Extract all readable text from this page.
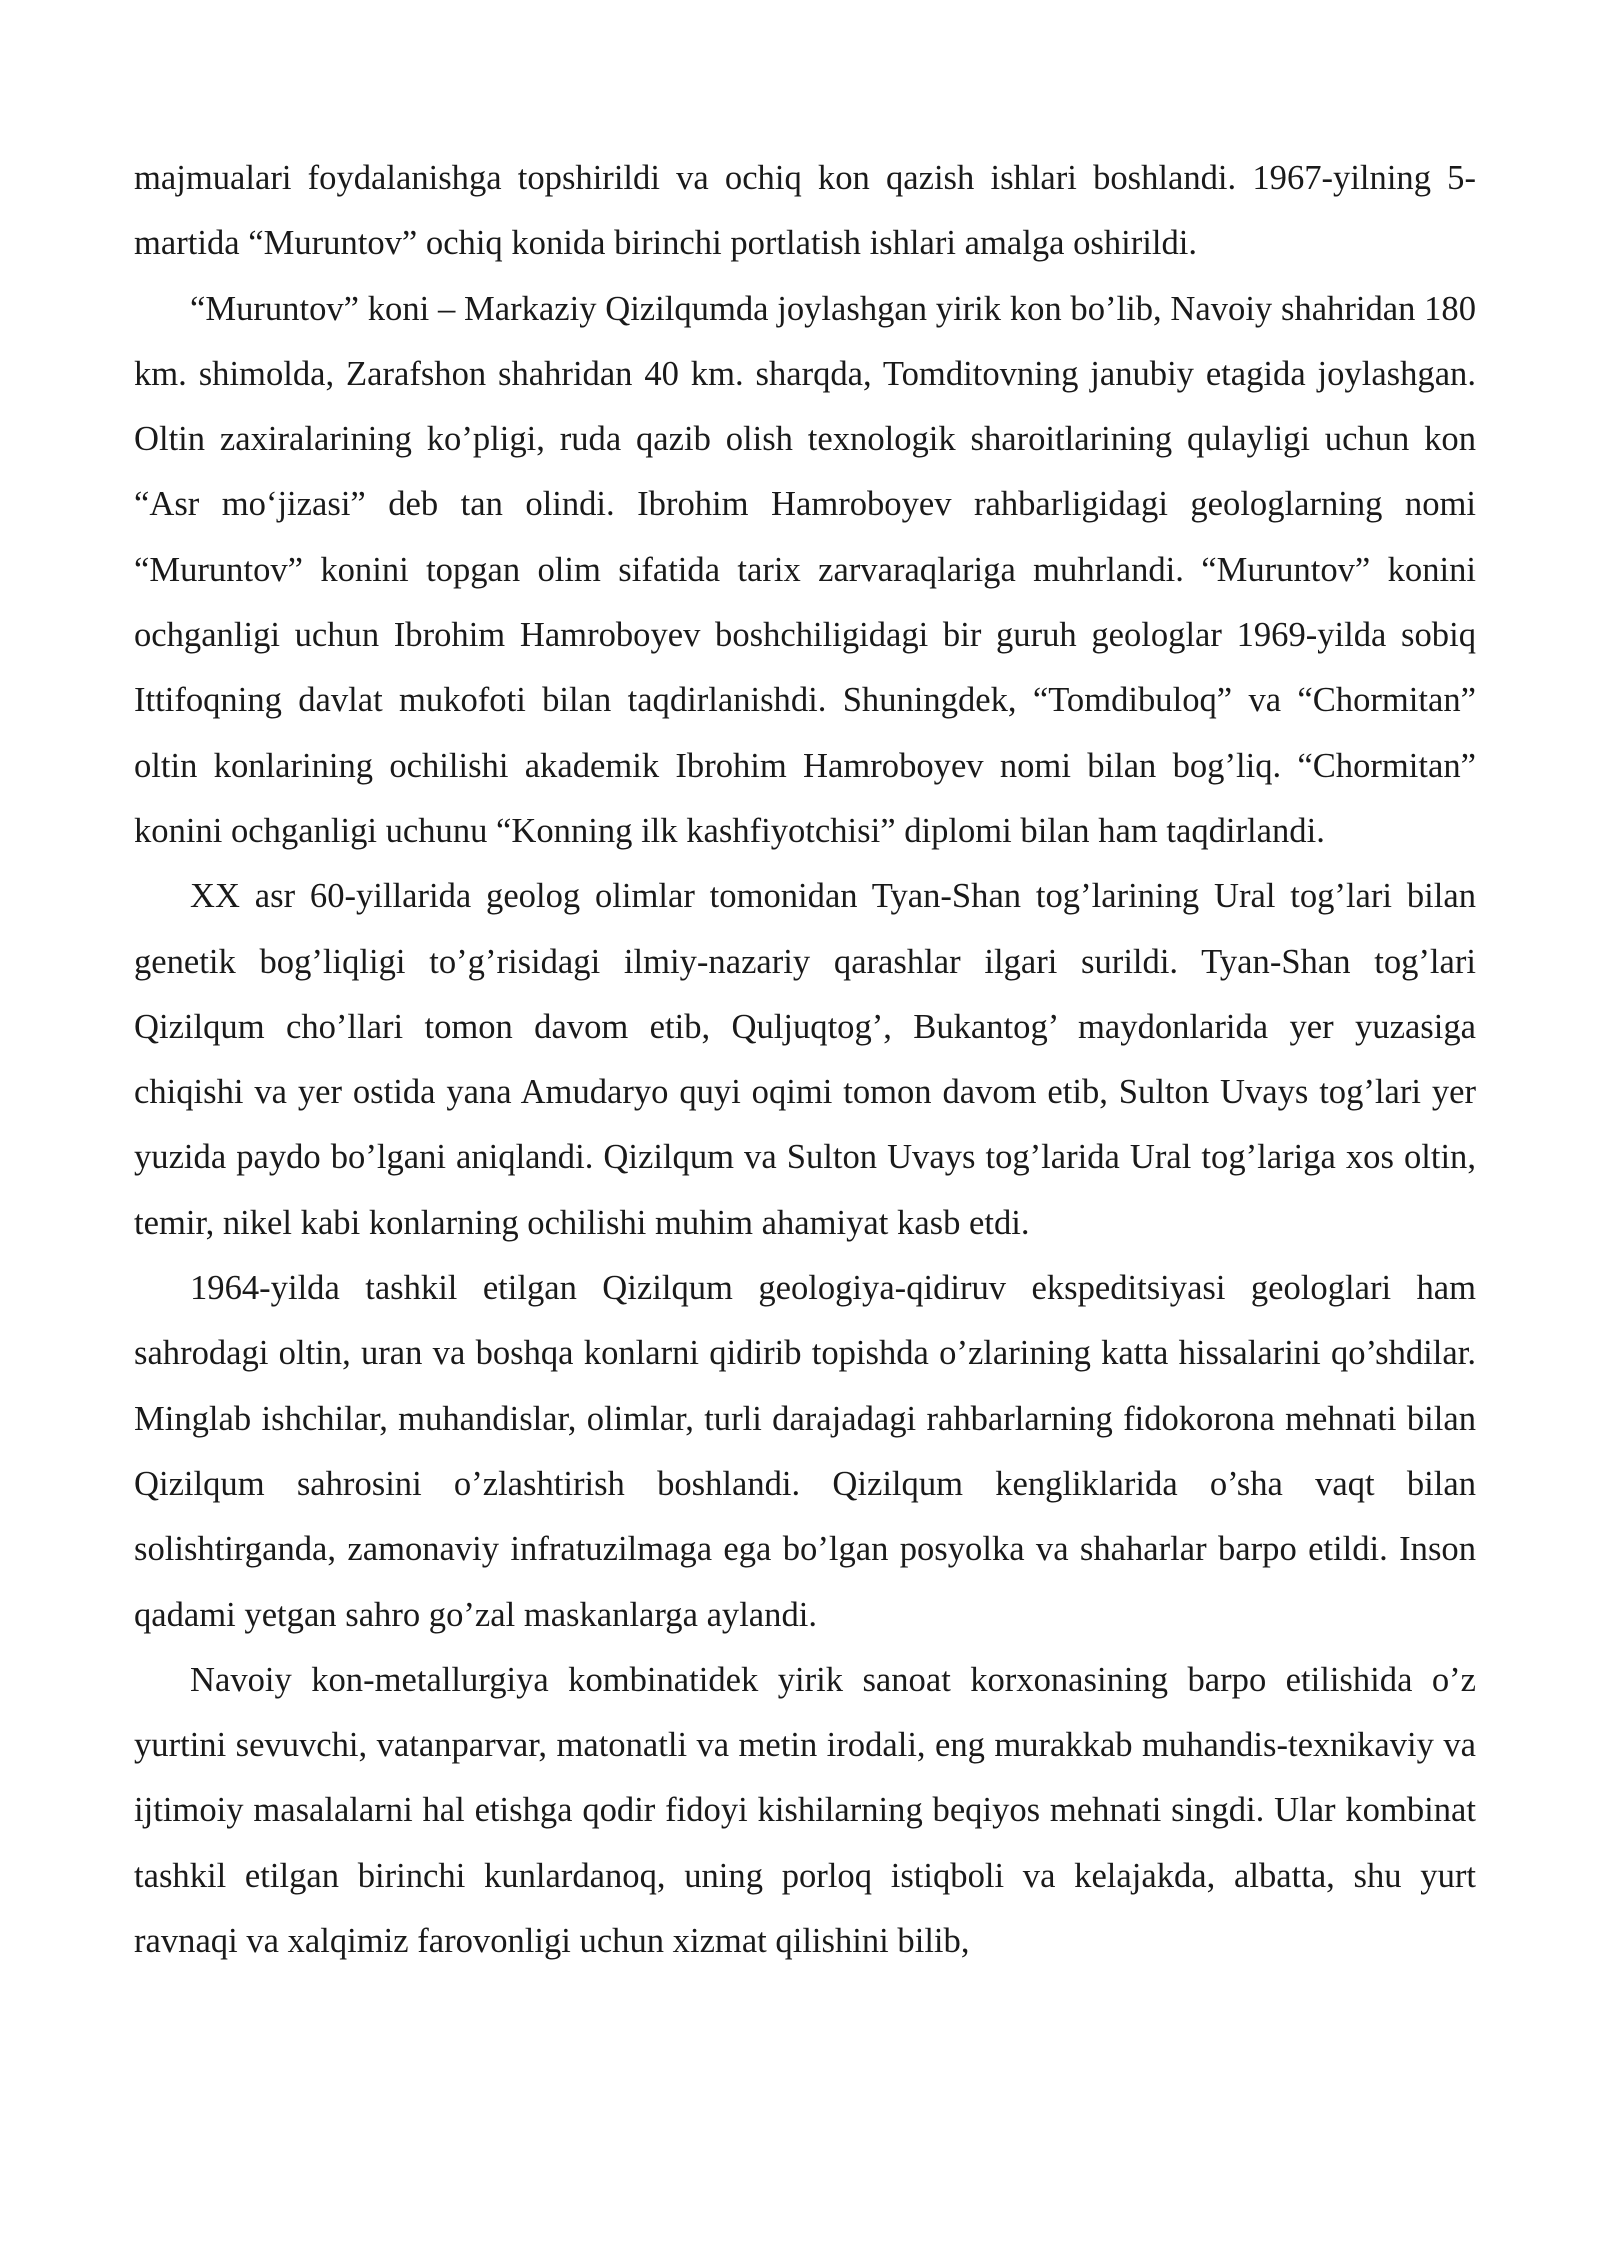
majmualari foydalanishga topshirildi va ochiq kon qazish ishlari boshlandi. 1967-yilning 5-martida “Muruntov” ochiq konida birinchi portlatish ishlari amalga oshirildi.

“Muruntov” koni – Markaziy Qizilqumda joylashgan yirik kon bo’lib, Navoiy shahridan 180 km. shimolda, Zarafshon shahridan 40 km. sharqda, Tomditovning janubiy etagida joylashgan. Oltin zaxiralarining ko’pligi, ruda qazib olish texnologik sharoitlarining qulayligi uchun kon “Asr mo‘jizasi” deb tan olindi. Ibrohim Hamroboyev rahbarligidagi geologlarning nomi “Muruntov” konini topgan olim sifatida tarix zarvaraqlariga muhrlandi. “Muruntov” konini ochganligi uchun Ibrohim Hamroboyev boshchiligidagi bir guruh geologlar 1969-yilda sobiq Ittifoqning davlat mukofoti bilan taqdirlanishdi. Shuningdek, “Tomdibuloq” va “Chormitan” oltin konlarining ochilishi akademik Ibrohim Hamroboyev nomi bilan bog’liq. “Chormitan” konini ochganligi uchunu “Konning ilk kashfiyotchisi” diplomi bilan ham taqdirlandi.

XX asr 60-yillarida geolog olimlar tomonidan Tyan-Shan tog’larining Ural tog’lari bilan genetik bog’liqligi to’g’risidagi ilmiy-nazariy qarashlar ilgari surildi. Tyan-Shan tog’lari Qizilqum cho’llari tomon davom etib, Quljuqtog’, Bukantog’ maydonlarida yer yuzasiga chiqishi va yer ostida yana Amudaryo quyi oqimi tomon davom etib, Sulton Uvays tog’lari yer yuzida paydo bo’lgani aniqlandi. Qizilqum va Sulton Uvays tog’larida Ural tog’lariga xos oltin, temir, nikel kabi konlarning ochilishi muhim ahamiyat kasb etdi.

1964-yilda tashkil etilgan Qizilqum geologiya-qidiruv ekspeditsiyasi geologlari ham sahrodagi oltin, uran va boshqa konlarni qidirib topishda o’zlarining katta hissalarini qo’shdilar. Minglab ishchilar, muhandislar, olimlar, turli darajadagi rahbarlarning fidokorona mehnati bilan Qizilqum sahrosini o’zlashtirish boshlandi. Qizilqum kengliklarida o’sha vaqt bilan solishtirganda, zamonaviy infratuzilmaga ega bo’lgan posyolka va shaharlar barpo etildi. Inson qadami yetgan sahro go’zal maskanlarga aylandi.

Navoiy kon-metallurgiya kombinatidek yirik sanoat korxonasining barpo etilishida o’z yurtini sevuvchi, vatanparvar, matonatli va metin irodali, eng murakkab muhandis-texnikaviy va ijtimoiy masalalarni hal etishga qodir fidoyi kishilarning beqiyos mehnati singdi. Ular kombinat tashkil etilgan birinchi kunlardanoq, uning porloq istiqboli va kelajakda, albatta, shu yurt ravnaqi va xalqimiz farovonligi uchun xizmat qilishini bilib,
